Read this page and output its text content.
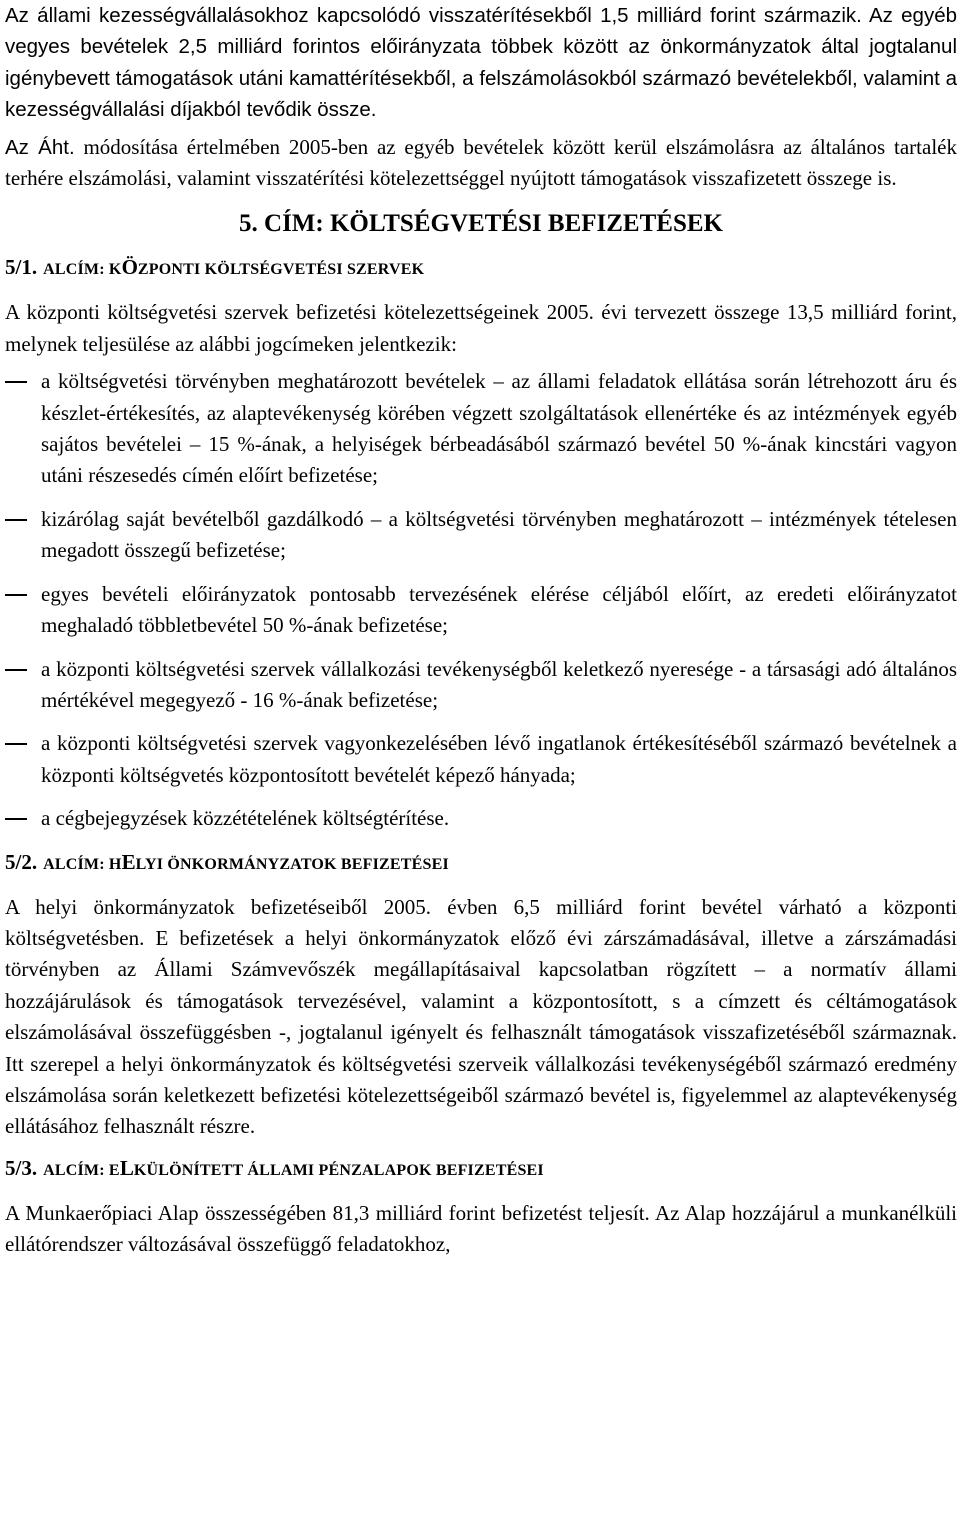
Az állami kezességvállalásokhoz kapcsolódó visszatérítésekből 1,5 milliárd forint származik. Az egyéb vegyes bevételek 2,5 milliárd forintos előirányzata többek között az önkormányzatok által jogtalanul igénybevett támogatások utáni kamattérítésekből, a felszámolásokból származó bevételekből, valamint a kezességvállalási díjakból tevődik össze.

Az Áht. módosítása értelmében 2005-ben az egyéb bevételek között kerül elszámolásra az általános tartalék terhére elszámolási, valamint visszatérítési kötelezettséggel nyújtott támogatások visszafizetett összege is.

5. CÍM: KÖLTSÉGVETÉSI BEFIZETÉSEK
5/1. ALCÍM: KÖZPONTI KÖLTSÉGVETÉSI SZERVEK

A központi költségvetési szervek befizetési kötelezettségeinek 2005. évi tervezett összege 13,5 milliárd forint, melynek teljesülése az alábbi jogcímeken jelentkezik:

a költségvetési törvényben meghatározott bevételek – az állami feladatok ellátása során létrehozott áru és készlet-értékesítés, az alaptevékenység körében végzett szolgáltatások ellenértéke és az intézmények egyéb sajátos bevételei – 15 %-ának, a helyiségek bérbeadásából származó bevétel 50 %-ának kincstári vagyon utáni részesedés címén előírt befizetése;
kizárólag saját bevételből gazdálkodó – a költségvetési törvényben meghatározott – intézmények tételesen megadott összegű befizetése;
egyes bevételi előirányzatok pontosabb tervezésének elérése céljából előírt, az eredeti előirányzatot meghaladó többletbevétel 50 %-ának befizetése;
a központi költségvetési szervek vállalkozási tevékenységből keletkező nyeresége - a társasági adó általános mértékével megegyező - 16 %-ának befizetése;
a központi költségvetési szervek vagyonkezelésében lévő ingatlanok értékesítéséből származó bevételnek a központi költségvetés központosított bevételét képező hányada;
a cégbejegyzések közzétételének költségtérítése.
5/2. ALCÍM: HELYI ÖNKORMÁNYZATOK BEFIZETÉSEI

A helyi önkormányzatok befizetéseiből 2005. évben 6,5 milliárd forint bevétel várható a központi költségvetésben. E befizetések a helyi önkormányzatok előző évi zárszámadásával, illetve a zárszámadási törvényben az Állami Számvevőszék megállapításaival kapcsolatban rögzített – a normatív állami hozzájárulások és támogatások tervezésével, valamint a központosított, s a címzett és céltámogatások elszámolásával összefüggésben -, jogtalanul igényelt és felhasznált támogatások visszafizetéséből származnak. Itt szerepel a helyi önkormányzatok és költségvetési szerveik vállalkozási tevékenységéből származó eredmény elszámolása során keletkezett befizetési kötelezettségeiből származó bevétel is, figyelemmel az alaptevékenység ellátásához felhasznált részre.

5/3. ALCÍM: ELKÜLÖNÍTETT ÁLLAMI PÉNZALAPOK BEFIZETÉSEI

A Munkaerőpiaci Alap összességében 81,3 milliárd forint befizetést teljesít. Az Alap hozzájárul a munkanélküli ellátórendszer változásával összefüggő feladatokhoz,
